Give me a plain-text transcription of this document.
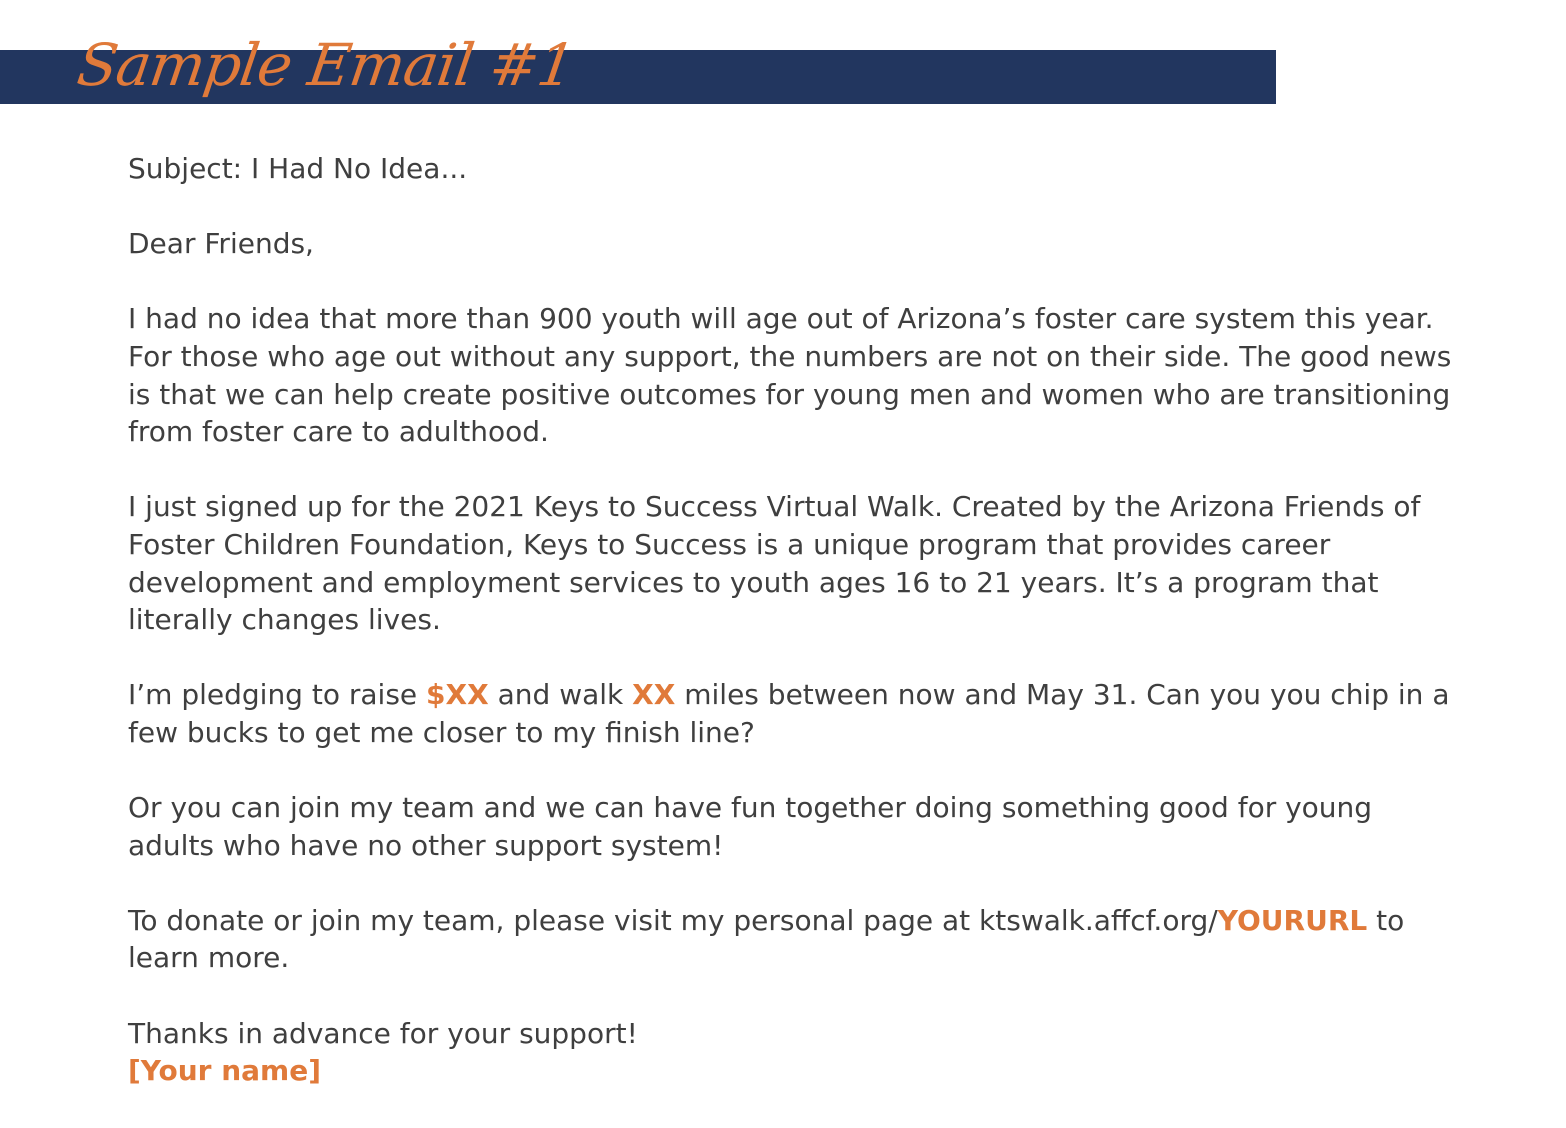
Sample Email #1

Subject: I Had No Idea...

Dear Friends,

I had no idea that more than 900 youth will age out of Arizona’s foster care system this year. For those who age out without any support, the numbers are not on their side. The good news is that we can help create positive outcomes for young men and women who are transitioning from foster care to adulthood.

I just signed up for the 2021 Keys to Success Virtual Walk. Created by the Arizona Friends of Foster Children Foundation, Keys to Success is a unique program that provides career development and employment services to youth ages 16 to 21 years. It’s a program that literally changes lives.

I’m pledging to raise $XX and walk XX miles between now and May 31. Can you you chip in a few bucks to get me closer to my finish line?

Or you can join my team and we can have fun together doing something good for young adults who have no other support system!

To donate or join my team, please visit my personal page at ktswalk.affcf.org/YOURURL to learn more.

Thanks in advance for your support!

[Your name]
